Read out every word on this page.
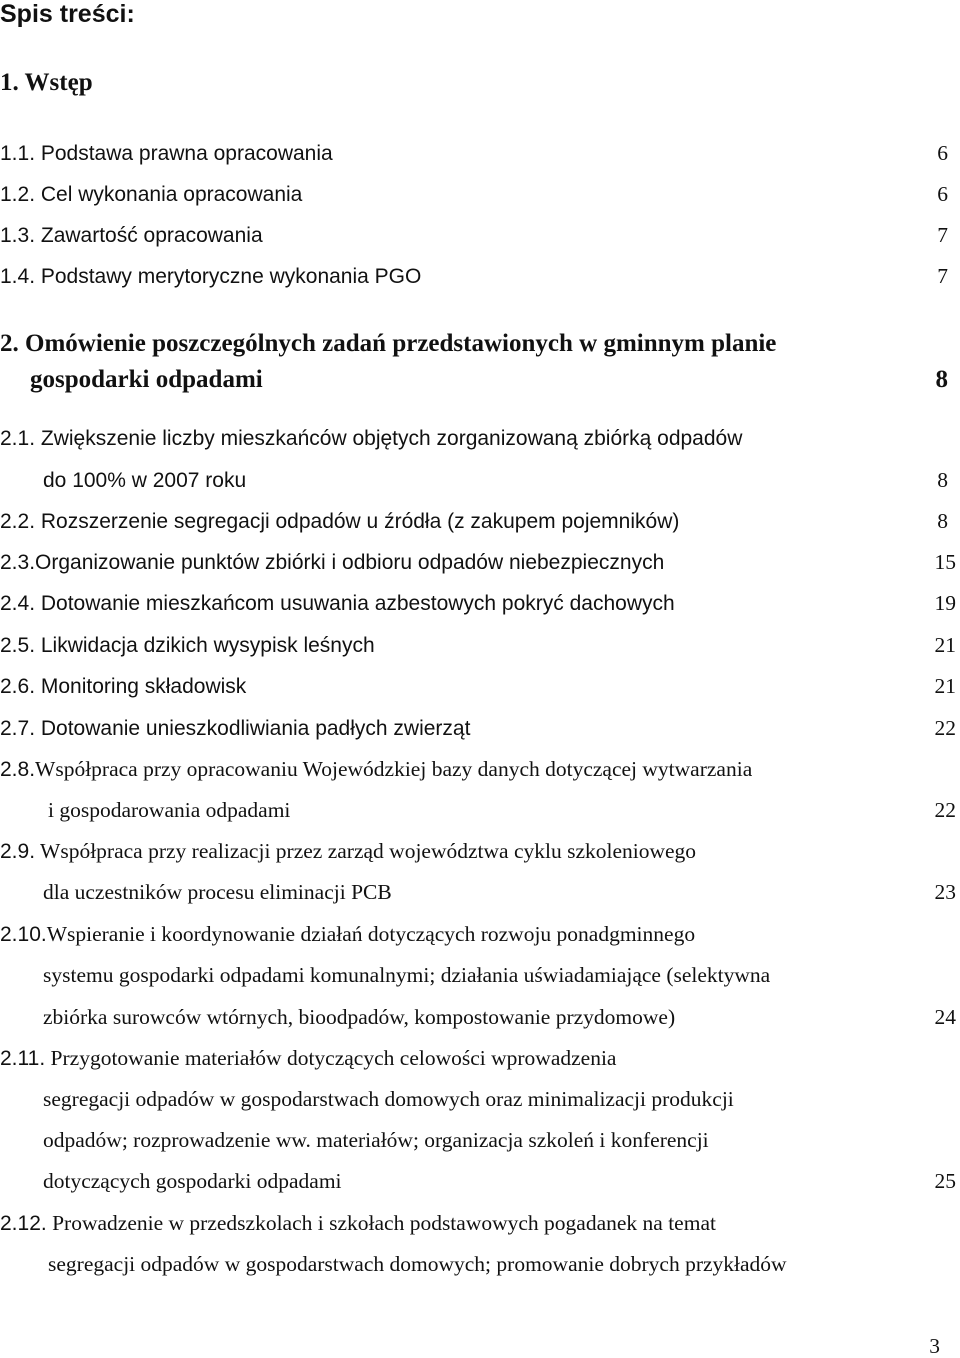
Spis treści:
1. Wstęp
1.1. Podstawa prawna opracowania	6
1.2. Cel wykonania opracowania	6
1.3. Zawartość opracowania	7
1.4. Podstawy merytoryczne wykonania PGO	7
2. Omówienie poszczególnych zadań przedstawionych w gminnym planie
gospodarki odpadami	8
2.1. Zwiększenie liczby mieszkańców objętych zorganizowaną zbiórką odpadów
do 100% w 2007 roku	8
2.2. Rozszerzenie segregacji odpadów u źródła (z zakupem pojemników)	8
2.3.Organizowanie punktów zbiórki i odbioru odpadów niebezpiecznych	15
2.4. Dotowanie mieszkańcom usuwania azbestowych pokryć dachowych	19
2.5. Likwidacja dzikich wysypisk leśnych	21
2.6. Monitoring składowisk	21
2.7. Dotowanie unieszkodliwiania padłych zwierząt	22
2.8.Współpraca przy opracowaniu Wojewódzkiej bazy danych dotyczącej wytwarzania
i gospodarowania odpadami	22
2.9. Współpraca przy realizacji przez zarząd województwa cyklu szkoleniowego
dla uczestników procesu eliminacji PCB	23
2.10.Wspieranie i koordynowanie działań dotyczących rozwoju ponadgminnego
systemu gospodarki odpadami komunalnymi; działania uświadamiające (selektywna
zbiórka surowców wtórnych, bioodpadów, kompostowanie przydomowe)	24
2.11. Przygotowanie materiałów dotyczących celowości wprowadzenia
segregacji odpadów w gospodarstwach domowych oraz minimalizacji produkcji
odpadów; rozprowadzenie ww. materiałów; organizacja szkoleń i konferencji
dotyczących gospodarki odpadami	25
2.12. Prowadzenie w przedszkolach i szkołach podstawowych pogadanek na temat
segregacji odpadów w gospodarstwach domowych; promowanie dobrych przykładów
3
